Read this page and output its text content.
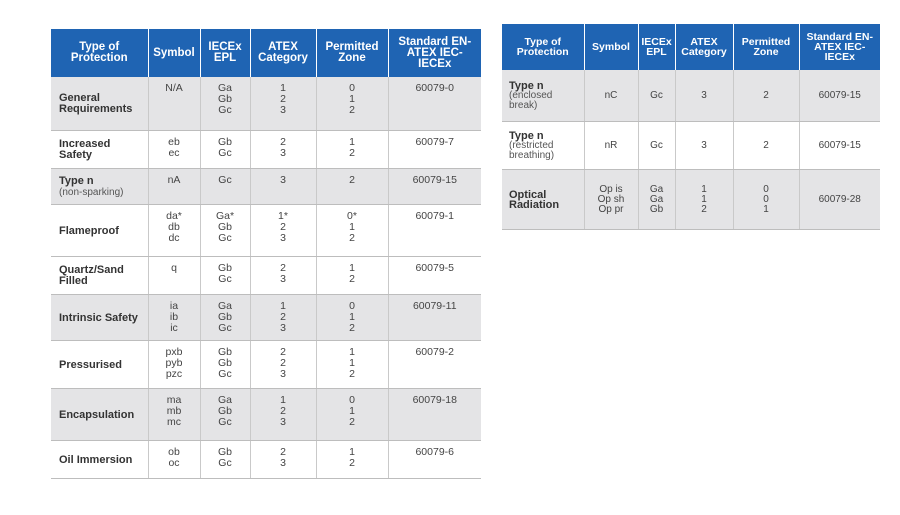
Type of Protection	Symbol	IECEx EPL	ATEX Category	Permitted Zone	Standard EN-ATEX IEC-IECEx

General Requirements	N/A	Ga
Gb
Gc	1
2
3	0
1
2	60079-0

Increased Safety	eb
ec	Gb
Gc	2
3	1
2	60079-7

Type n
(non-sparking)	nA	Gc	3	2	60079-15

Flameproof	da*
db
dc	Ga*
Gb
Gc	1*
2
3	0*
1
2	60079-1

Quartz/Sand Filled	q	Gb
Gc	2
3	1
2	60079-5

Intrinsic Safety	ia
ib
ic	Ga
Gb
Gc	1
2
3	0
1
2	60079-11

Pressurised	pxb
pyb
pzc	Gb
Gb
Gc	2
2
3	1
1
2	60079-2

Encapsulation	ma
mb
mc	Ga
Gb
Gc	1
2
3	0
1
2	60079-18

Oil Immersion	ob
oc	Gb
Gc	2
3	1
2	60079-6
Type of Protection	Symbol	IECEx EPL	ATEX Category	Permitted Zone	Standard EN-ATEX IEC-IECEx

Type n
(enclosed break)	nC	Gc	3	2	60079-15

Type n
(restricted breathing)	nR	Gc	3	2	60079-15

Optical Radiation	Op is
Op sh
Op pr	Ga
Ga
Gb	1
1
2	0
0
1	60079-28
